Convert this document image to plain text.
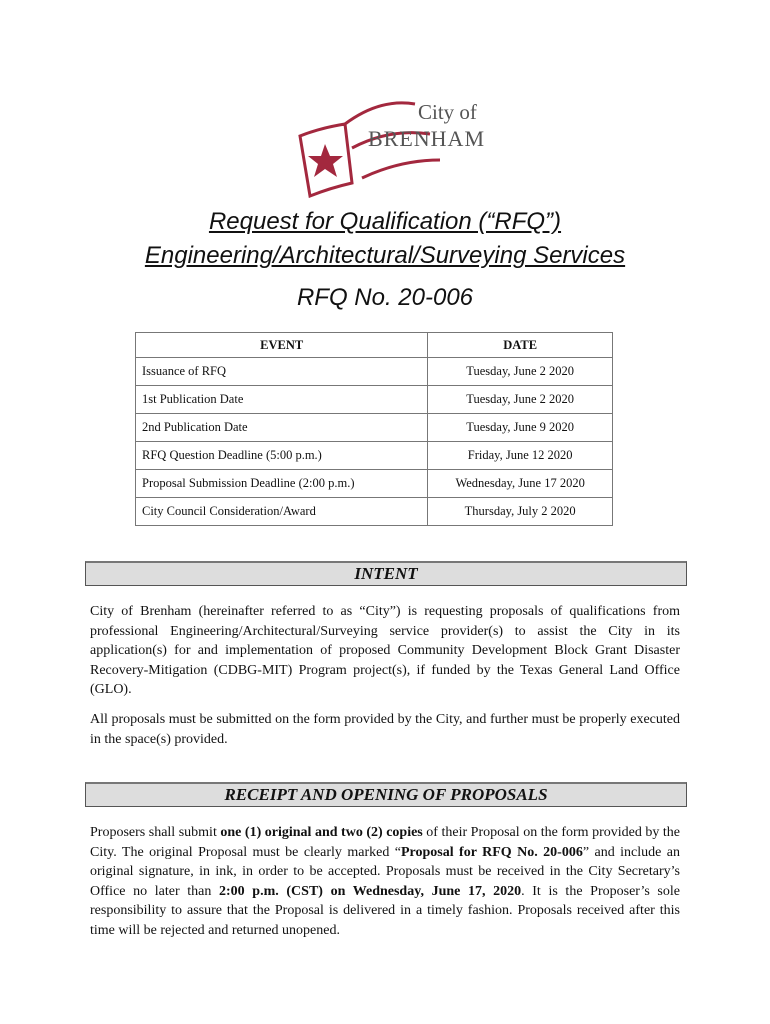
City of
BRENHAM
Request for Qualification (“RFQ”)
Engineering/Architectural/Surveying Services
RFQ No. 20-006
EVENT	DATE
Issuance of RFQ	Tuesday, June 2 2020
1st Publication Date	Tuesday, June 2 2020
2nd Publication Date	Tuesday, June 9 2020
RFQ Question Deadline (5:00 p.m.)	Friday, June 12 2020
Proposal Submission Deadline (2:00 p.m.)	Wednesday, June 17 2020
City Council Consideration/Award	Thursday, July 2 2020
INTENT
City of Brenham (hereinafter referred to as “City”) is requesting proposals of qualifications from professional Engineering/Architectural/Surveying service provider(s) to assist the City in its application(s) for and implementation of proposed Community Development Block Grant Disaster Recovery-Mitigation (CDBG-MIT) Program project(s), if funded by the Texas General Land Office (GLO).
All proposals must be submitted on the form provided by the City, and further must be properly executed in the space(s) provided.
RECEIPT AND OPENING OF PROPOSALS
Proposers shall submit one (1) original and two (2) copies of their Proposal on the form provided by the City. The original Proposal must be clearly marked “Proposal for RFQ No. 20-006” and include an original signature, in ink, in order to be accepted. Proposals must be received in the City Secretary’s Office no later than 2:00 p.m. (CST) on Wednesday, June 17, 2020. It is the Proposer’s sole responsibility to assure that the Proposal is delivered in a timely fashion. Proposals received after this time will be rejected and returned unopened.
